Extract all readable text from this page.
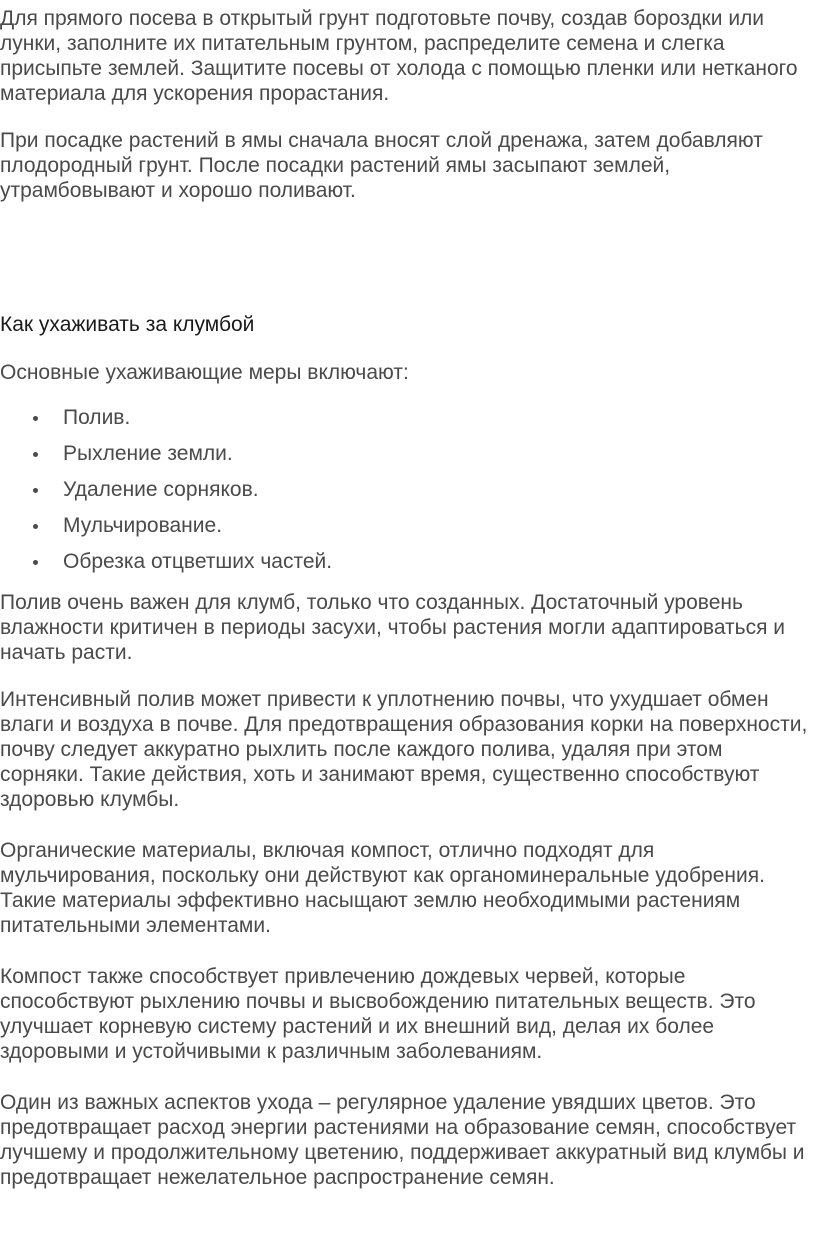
Для прямого посева в открытый грунт подготовьте почву, создав бороздки или лунки, заполните их питательным грунтом, распределите семена и слегка присыпьте землей. Защитите посевы от холода с помощью пленки или нетканого материала для ускорения прорастания.

При посадке растений в ямы сначала вносят слой дренажа, затем добавляют плодородный грунт. После посадки растений ямы засыпают землей, утрамбовывают и хорошо поливают.

Как ухаживать за клумбой

Основные ухаживающие меры включают:

Полив.
Рыхление земли.
Удаление сорняков.
Мульчирование.
Обрезка отцветших частей.

Полив очень важен для клумб, только что созданных. Достаточный уровень влажности критичен в периоды засухи, чтобы растения могли адаптироваться и начать расти.

Интенсивный полив может привести к уплотнению почвы, что ухудшает обмен влаги и воздуха в почве. Для предотвращения образования корки на поверхности, почву следует аккуратно рыхлить после каждого полива, удаляя при этом сорняки. Такие действия, хоть и занимают время, существенно способствуют здоровью клумбы.

Органические материалы, включая компост, отлично подходят для мульчирования, поскольку они действуют как органоминеральные удобрения. Такие материалы эффективно насыщают землю необходимыми растениям питательными элементами.

Компост также способствует привлечению дождевых червей, которые способствуют рыхлению почвы и высвобождению питательных веществ. Это улучшает корневую систему растений и их внешний вид, делая их более здоровыми и устойчивыми к различным заболеваниям.

Один из важных аспектов ухода – регулярное удаление увядших цветов. Это предотвращает расход энергии растениями на образование семян, способствует лучшему и продолжительному цветению, поддерживает аккуратный вид клумбы и предотвращает нежелательное распространение семян.
